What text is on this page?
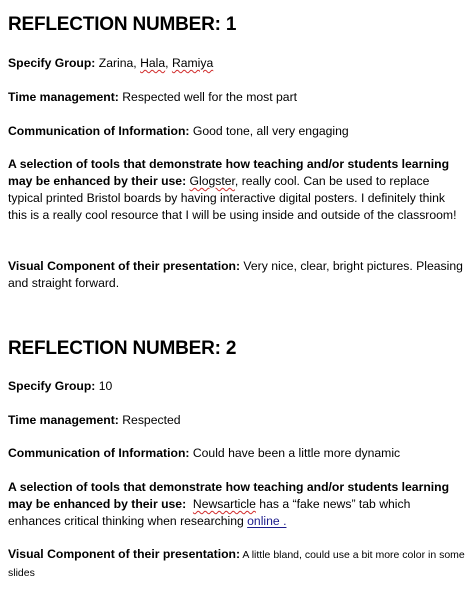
REFLECTION NUMBER: 1
Specify Group: Zarina, Hala, Ramiya
Time management: Respected well for the most part
Communication of Information: Good tone, all very engaging
A selection of tools that demonstrate how teaching and/or students learning may be enhanced by their use: Glogster, really cool. Can be used to replace typical printed Bristol boards by having interactive digital posters. I definitely think this is a really cool resource that I will be using inside and outside of the classroom!
Visual Component of their presentation: Very nice, clear, bright pictures. Pleasing and straight forward.
REFLECTION NUMBER: 2
Specify Group: 10
Time management: Respected
Communication of Information: Could have been a little more dynamic
A selection of tools that demonstrate how teaching and/or students learning may be enhanced by their use: Newsarticle has a “fake news” tab which enhances critical thinking when researching online .
Visual Component of their presentation: A little bland, could use a bit more color in some slides
